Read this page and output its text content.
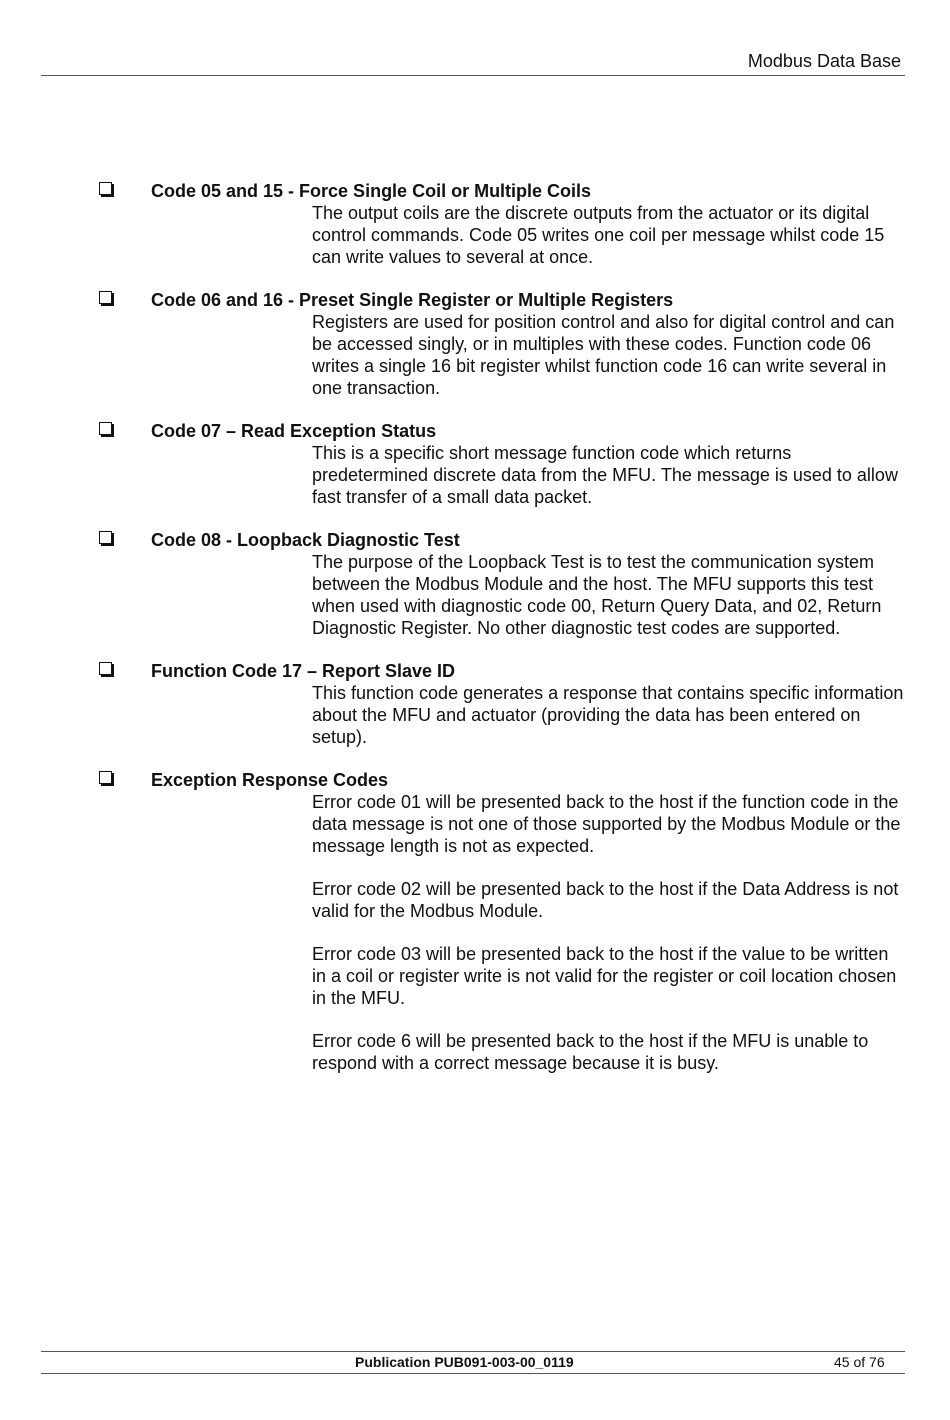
Modbus Data Base
Code 05 and 15 - Force Single Coil or Multiple Coils
The output coils are the discrete outputs from the actuator or its digital control commands. Code 05 writes one coil per message whilst code 15 can write values to several at once.
Code 06 and 16 - Preset Single Register or Multiple Registers
Registers are used for position control and also for digital control and can be accessed singly, or in multiples with these codes. Function code 06 writes a single 16 bit register whilst function code 16 can write several in one transaction.
Code 07 – Read Exception Status
This is a specific short message function code which returns predetermined discrete data from the MFU. The message is used to allow fast transfer of a small data packet.
Code 08 - Loopback Diagnostic Test
The purpose of the Loopback Test is to test the communication system between the Modbus Module and the host. The MFU supports this test when used with diagnostic code 00, Return Query Data, and 02, Return Diagnostic Register. No other diagnostic test codes are supported.
Function Code 17 – Report Slave ID
This function code generates a response that contains specific information about the MFU and actuator (providing the data has been entered on setup).
Exception Response Codes
Error code 01 will be presented back to the host if the function code in the data message is not one of those supported by the Modbus Module or the message length is not as expected.
Error code 02 will be presented back to the host if the Data Address is not valid for the Modbus Module.
Error code 03 will be presented back to the host if the value to be written in a coil or register write is not valid for the register or coil location chosen in the MFU.
Error code 6 will be presented back to the host if the MFU is unable to respond with a correct message because it is busy.
Publication PUB091-003-00_0119	45 of 76
